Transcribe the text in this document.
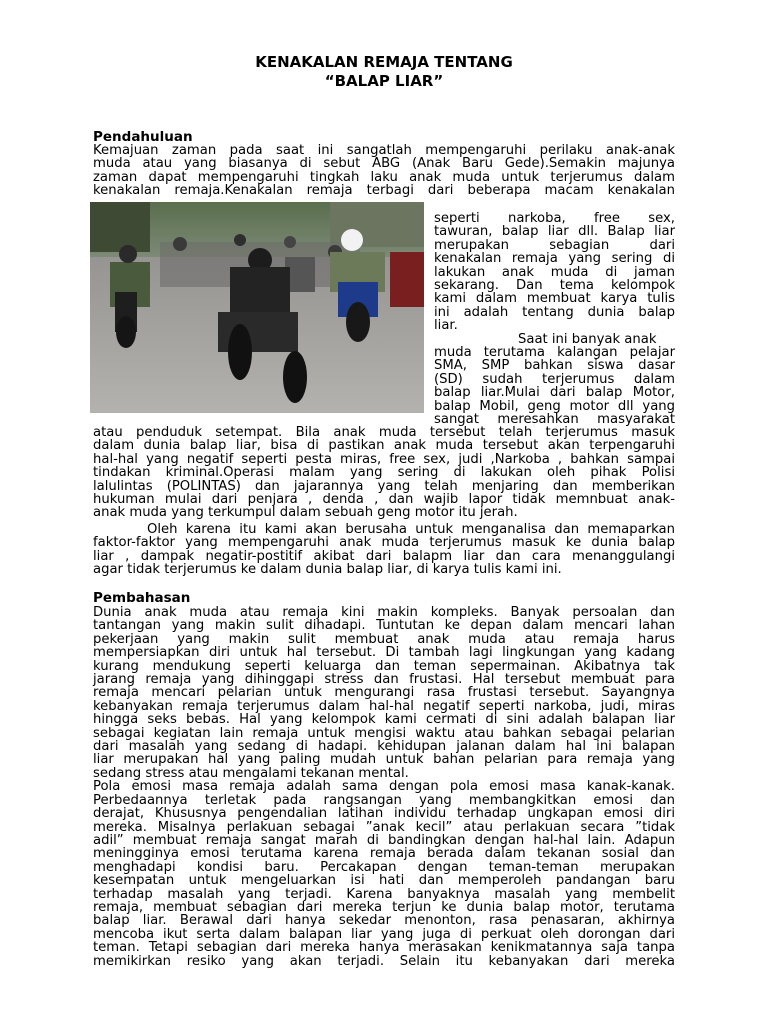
KENAKALAN REMAJA TENTANG
“BALAP LIAR”
Pendahuluan
Kemajuan zaman pada saat ini sangatlah mempengaruhi perilaku anak-anak
muda atau yang biasanya di sebut ABG (Anak Baru Gede).Semakin majunya
zaman dapat mempengaruhi tingkah laku anak muda untuk terjerumus dalam
kenakalan remaja.Kenakalan remaja terbagi dari beberapa macam kenakalan
seperti narkoba, free sex,
tawuran, balap liar dll. Balap liar
merupakan sebagian dari
kenakalan remaja yang sering di
lakukan anak muda di jaman
sekarang. Dan tema kelompok
kami dalam membuat karya tulis
ini adalah tentang dunia balap
liar.
Saat ini banyak anak
muda terutama kalangan pelajar
SMA, SMP bahkan siswa dasar
(SD) sudah terjerumus dalam
balap liar.Mulai dari balap Motor,
balap Mobil, geng motor dll yang
sangat meresahkan masyarakat
atau penduduk setempat. Bila anak muda tersebut telah terjerumus masuk
dalam dunia balap liar, bisa di pastikan anak muda tersebut akan terpengaruhi
hal-hal yang negatif seperti pesta miras, free sex, judi ,Narkoba , bahkan sampai
tindakan kriminal.Operasi malam yang sering di lakukan oleh pihak Polisi
lalulintas (POLINTAS) dan jajarannya yang telah menjaring dan memberikan
hukuman mulai dari penjara , denda , dan wajib lapor tidak memnbuat anak-
anak muda yang terkumpul dalam sebuah geng motor itu jerah.
Oleh karena itu kami akan berusaha untuk menganalisa dan memaparkan
faktor-faktor yang mempengaruhi anak muda terjerumus masuk ke dunia balap
liar , dampak negatir-postitif akibat dari balapm liar dan cara menanggulangi
agar tidak terjerumus ke dalam dunia balap liar, di karya tulis kami ini.
Pembahasan
Dunia anak muda atau remaja kini makin kompleks. Banyak persoalan dan
tantangan yang makin sulit dihadapi. Tuntutan ke depan dalam mencari lahan
pekerjaan yang makin sulit membuat anak muda atau remaja harus
mempersiapkan diri untuk hal tersebut. Di tambah lagi lingkungan yang kadang
kurang mendukung seperti keluarga dan teman sepermainan. Akibatnya tak
jarang remaja yang dihinggapi stress dan frustasi. Hal tersebut membuat para
remaja mencari pelarian untuk mengurangi rasa frustasi tersebut. Sayangnya
kebanyakan remaja terjerumus dalam hal-hal negatif seperti narkoba, judi, miras
hingga seks bebas. Hal yang kelompok kami cermati di sini adalah balapan liar
sebagai kegiatan lain remaja untuk mengisi waktu atau bahkan sebagai pelarian
dari masalah yang sedang di hadapi. kehidupan jalanan dalam hal ini balapan
liar merupakan hal yang paling mudah untuk bahan pelarian para remaja yang
sedang stress atau mengalami tekanan mental.
Pola emosi masa remaja adalah sama dengan pola emosi masa kanak-kanak.
Perbedaannya terletak pada rangsangan yang membangkitkan emosi dan
derajat, Khususnya pengendalian latihan individu terhadap ungkapan emosi diri
mereka. Misalnya perlakuan sebagai ”anak kecil” atau perlakuan secara ”tidak
adil” membuat remaja sangat marah di bandingkan dengan hal-hal lain. Adapun
meningginya emosi terutama karena remaja berada dalam tekanan sosial dan
menghadapi kondisi baru. Percakapan dengan teman-teman merupakan
kesempatan untuk mengeluarkan isi hati dan memperoleh pandangan baru
terhadap masalah yang terjadi. Karena banyaknya masalah yang membelit
remaja, membuat sebagian dari mereka terjun ke dunia balap motor, terutama
balap liar. Berawal dari hanya sekedar menonton, rasa penasaran, akhirnya
mencoba ikut serta dalam balapan liar yang juga di perkuat oleh dorongan dari
teman. Tetapi sebagian dari mereka hanya merasakan kenikmatannya saja tanpa
memikirkan resiko yang akan terjadi. Selain itu kebanyakan dari mereka
